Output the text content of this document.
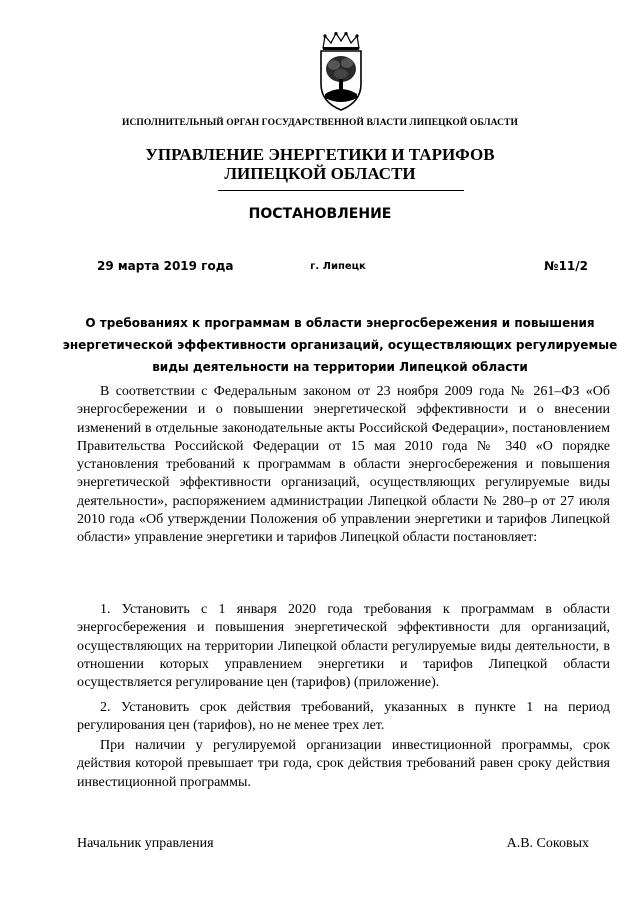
ИСПОЛНИТЕЛЬНЫЙ ОРГАН ГОСУДАРСТВЕННОЙ ВЛАСТИ ЛИПЕЦКОЙ ОБЛАСТИ
УПРАВЛЕНИЕ ЭНЕРГЕТИКИ И ТАРИФОВ
ЛИПЕЦКОЙ ОБЛАСТИ
ПОСТАНОВЛЕНИЕ
29 марта 2019 года	г. Липецк	№11/2
О требованиях к программам в области энергосбережения и повышения энергетической эффективности организаций, осуществляющих регулируемые виды деятельности на территории Липецкой области
В соответствии с Федеральным законом от 23 ноября 2009 года № 261–ФЗ «Об энергосбережении и о повышении энергетической эффективности и о внесении изменений в отдельные законодательные акты Российской Федерации», постановлением Правительства Российской Федерации от 15 мая 2010 года № 340 «О порядке установления требований к программам в области энергосбережения и повышения энергетической эффективности организаций, осуществляющих регулируемые виды деятельности», распоряжением администрации Липецкой области № 280–р от 27 июля 2010 года «Об утверждении Положения об управлении энергетики и тарифов Липецкой области» управление энергетики и тарифов Липецкой области постановляет:
1. Установить с 1 января 2020 года требования к программам в области энергосбережения и повышения энергетической эффективности для организаций, осуществляющих на территории Липецкой области регулируемые виды деятельности, в отношении которых управлением энергетики и тарифов Липецкой области осуществляется регулирование цен (тарифов) (приложение).
2. Установить срок действия требований, указанных в пункте 1 на период регулирования цен (тарифов), но не менее трех лет.
При наличии у регулируемой организации инвестиционной программы, срок действия которой превышает три года, срок действия требований равен сроку действия инвестиционной программы.
Начальник управления	А.В. Соковых
